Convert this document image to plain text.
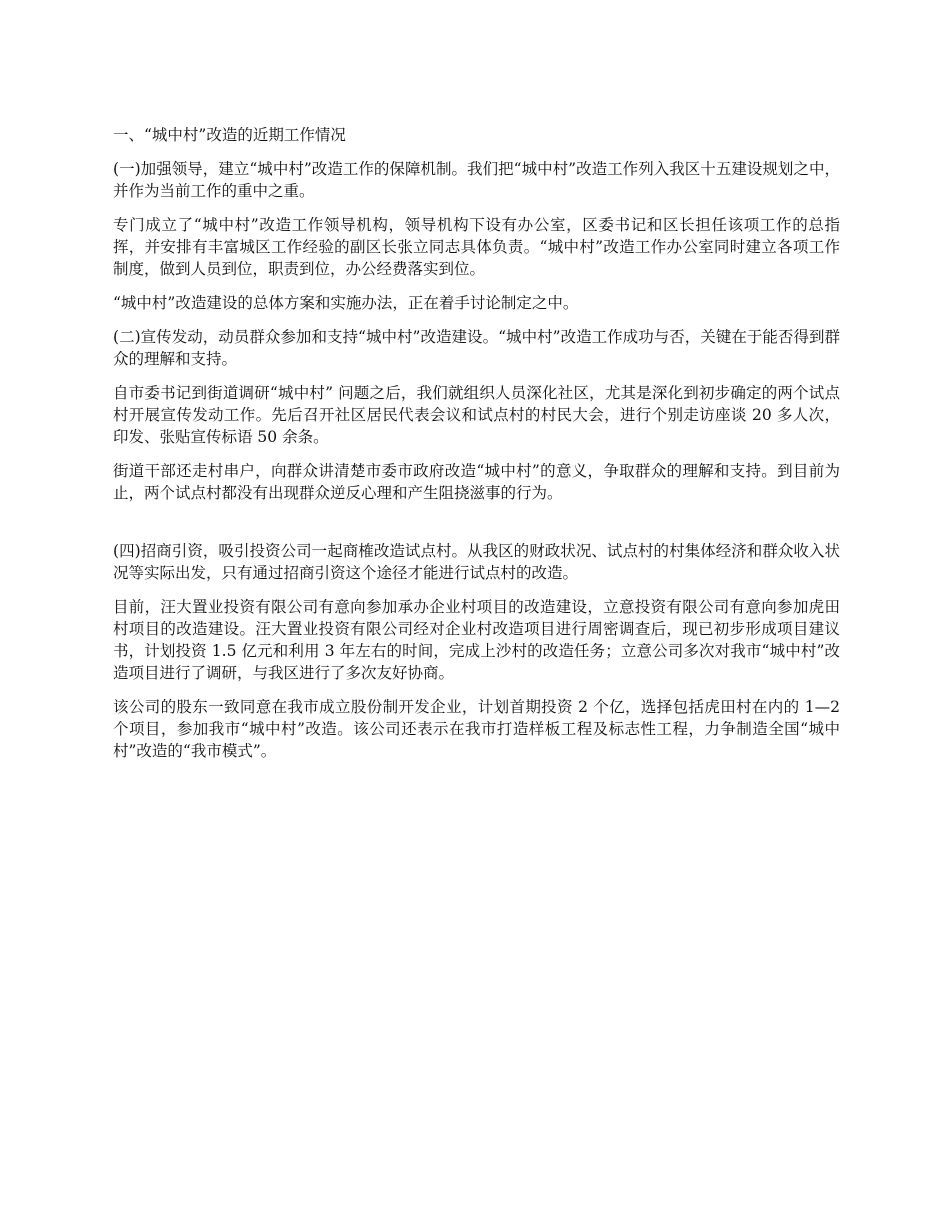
一、“城中村”改造的近期工作情况

(一)加强领导，建立“城中村”改造工作的保障机制。我们把“城中村”改造工作列入我区十五建设规划之中，并作为当前工作的重中之重。

专门成立了“城中村”改造工作领导机构，领导机构下设有办公室，区委书记和区长担任该项工作的总指挥，并安排有丰富城区工作经验的副区长张立同志具体负责。“城中村”改造工作办公室同时建立各项工作制度，做到人员到位，职责到位，办公经费落实到位。

“城中村”改造建设的总体方案和实施办法，正在着手讨论制定之中。

(二)宣传发动，动员群众参加和支持“城中村”改造建设。“城中村”改造工作成功与否，关键在于能否得到群众的理解和支持。

自市委书记到街道调研“城中村” 问题之后，我们就组织人员深化社区，尤其是深化到初步确定的两个试点村开展宣传发动工作。先后召开社区居民代表会议和试点村的村民大会，进行个别走访座谈 20 多人次，印发、张贴宣传标语 50 余条。

街道干部还走村串户，向群众讲清楚市委市政府改造“城中村”的意义，争取群众的理解和支持。到目前为止，两个试点村都没有出现群众逆反心理和产生阻挠滋事的行为。

(四)招商引资，吸引投资公司一起商榷改造试点村。从我区的财政状况、试点村的村集体经济和群众收入状况等实际出发，只有通过招商引资这个途径才能进行试点村的改造。

目前，汪大置业投资有限公司有意向参加承办企业村项目的改造建设，立意投资有限公司有意向参加虎田村项目的改造建设。汪大置业投资有限公司经对企业村改造项目进行周密调查后，现已初步形成项目建议书，计划投资 1.5 亿元和利用 3 年左右的时间，完成上沙村的改造任务；立意公司多次对我市“城中村”改造项目进行了调研，与我区进行了多次友好协商。

该公司的股东一致同意在我市成立股份制开发企业，计划首期投资 2 个亿，选择包括虎田村在内的 1—2 个项目，参加我市“城中村”改造。该公司还表示在我市打造样板工程及标志性工程，力争制造全国“城中村”改造的“我市模式”。
